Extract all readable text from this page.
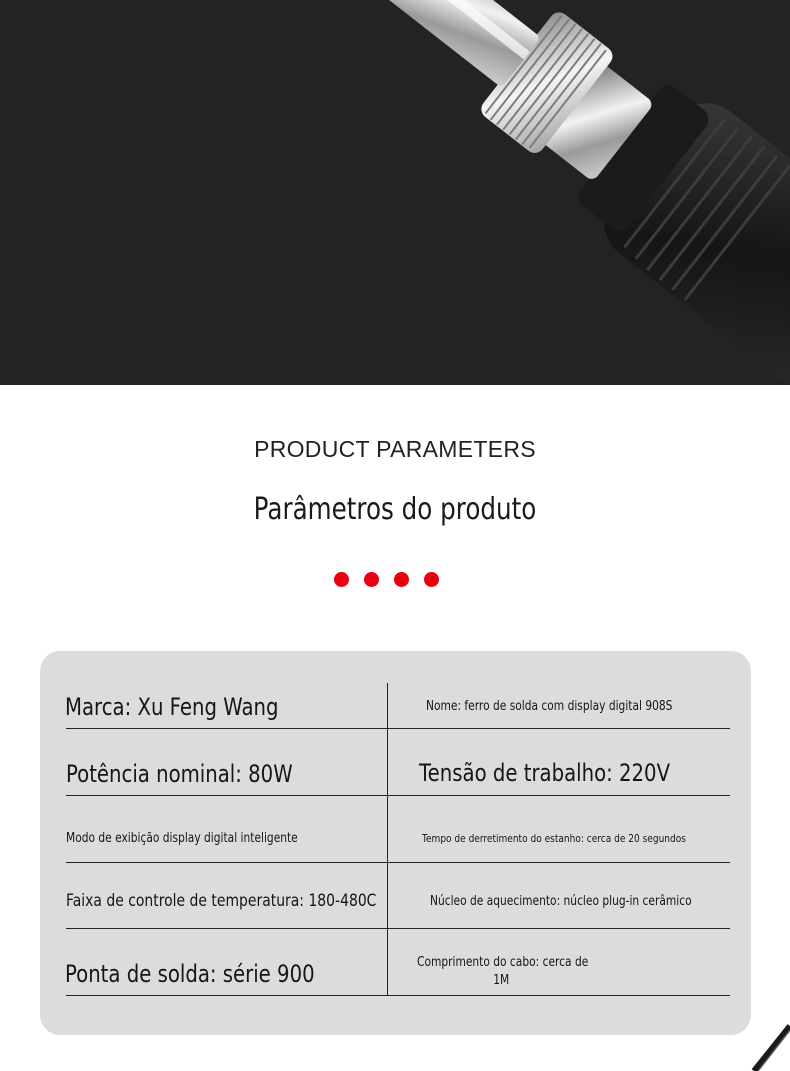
PRODUCT PARAMETERS
Parâmetros do produto
Marca: Xu Feng Wang	Nome: ferro de solda com display digital 908S
Potência nominal: 80W	Tensão de trabalho: 220V
Modo de exibição display digital inteligente	Tempo de derretimento do estanho: cerca de 20 segundos
Faixa de controle de temperatura: 180-480C	Núcleo de aquecimento: núcleo plug-in cerâmico
Ponta de solda: série 900	Comprimento do cabo: cerca de
1M
